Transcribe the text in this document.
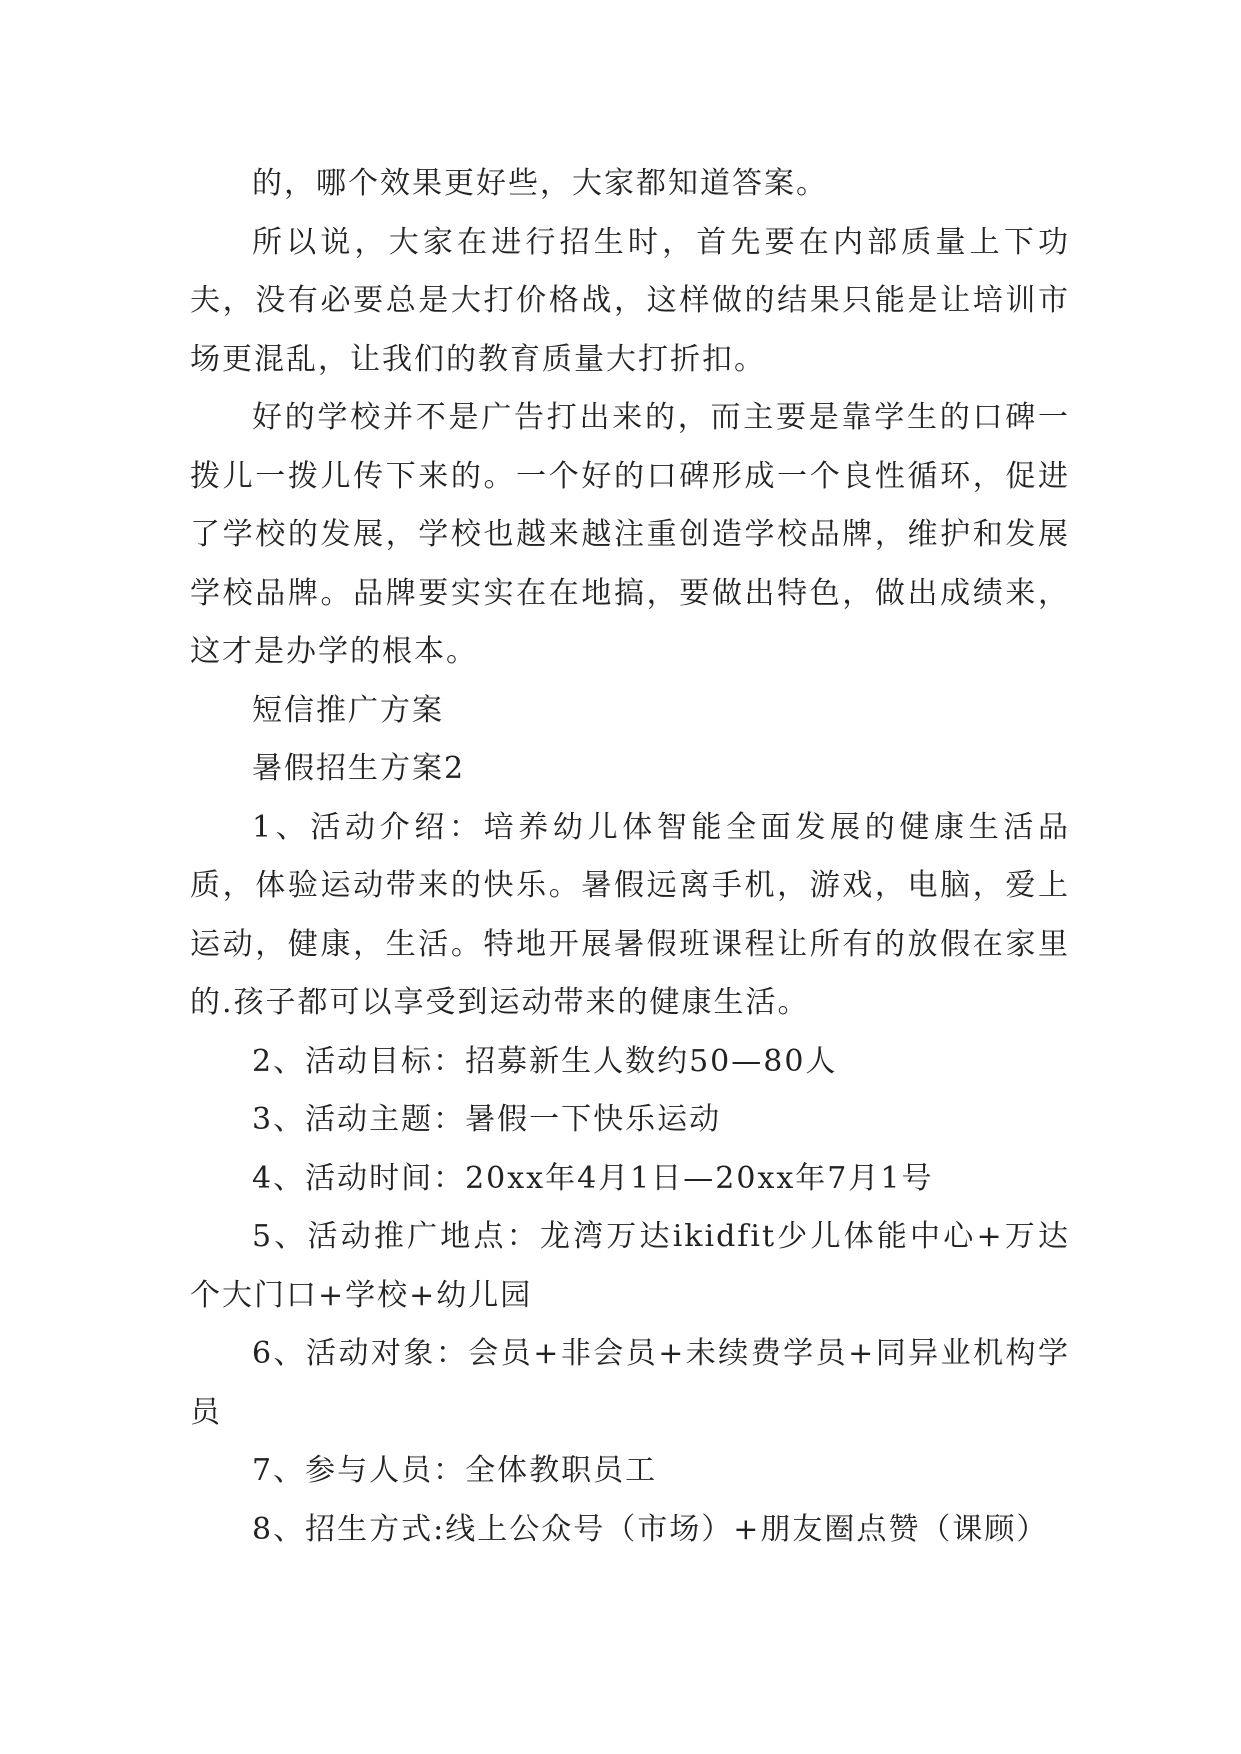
的，哪个效果更好些，大家都知道答案。

所以说，大家在进行招生时，首先要在内部质量上下功夫，没有必要总是大打价格战，这样做的结果只能是让培训市场更混乱，让我们的教育质量大打折扣。

好的学校并不是广告打出来的，而主要是靠学生的口碑一拨儿一拨儿传下来的。一个好的口碑形成一个良性循环，促进了学校的发展，学校也越来越注重创造学校品牌，维护和发展学校品牌。品牌要实实在在地搞，要做出特色，做出成绩来，这才是办学的根本。

短信推广方案

暑假招生方案2

1、活动介绍：培养幼儿体智能全面发展的健康生活品质，体验运动带来的快乐。暑假远离手机，游戏，电脑，爱上运动，健康，生活。特地开展暑假班课程让所有的放假在家里的.孩子都可以享受到运动带来的健康生活。

2、活动目标：招募新生人数约50—80人

3、活动主题：暑假一下快乐运动

4、活动时间：20xx年4月1日—20xx年7月1号

5、活动推广地点：龙湾万达ikidfit少儿体能中心+万达个大门口+学校+幼儿园

6、活动对象：会员+非会员+未续费学员+同异业机构学员

7、参与人员：全体教职员工

8、招生方式:线上公众号（市场）+朋友圈点赞（课顾）
